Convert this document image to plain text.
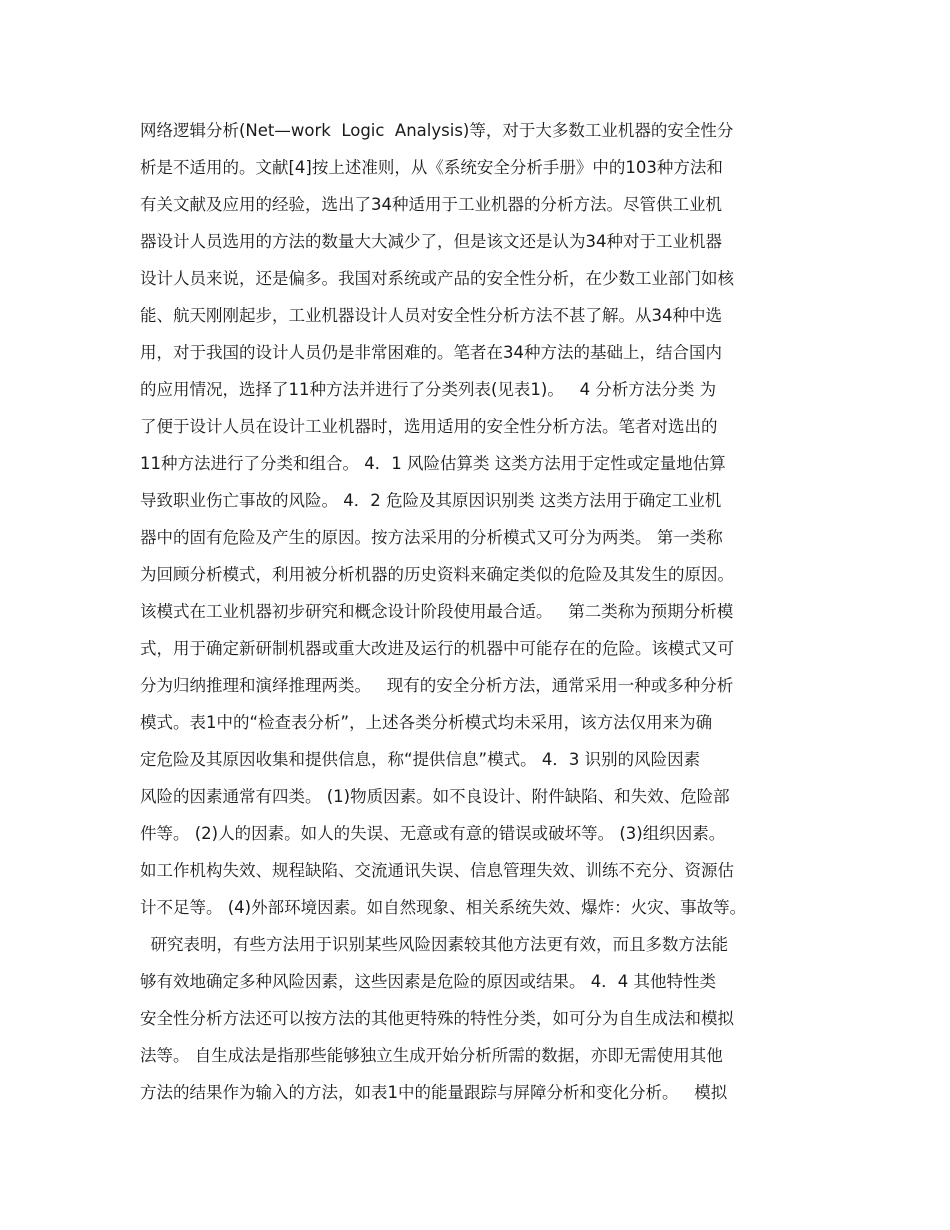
网络逻辑分析(Net—work  Logic  Analysis)等，对于大多数工业机器的安全性分
析是不适用的。文献[4]按上述准则，从《系统安全分析手册》中的103种方法和
有关文献及应用的经验，选出了34种适用于工业机器的分析方法。尽管供工业机
器设计人员选用的方法的数量大大减少了，但是该文还是认为34种对于工业机器
设计人员来说，还是偏多。我国对系统或产品的安全性分析，在少数工业部门如核
能、航天刚刚起步，工业机器设计人员对安全性分析方法不甚了解。从34种中选
用，对于我国的设计人员仍是非常困难的。笔者在34种方法的基础上，结合国内
的应用情况，选择了11种方法并进行了分类列表(见表1)。   4 分析方法分类 为
了便于设计人员在设计工业机器时，选用适用的安全性分析方法。笔者对选出的
11种方法进行了分类和组合。 4．1 风险估算类 这类方法用于定性或定量地估算
导致职业伤亡事故的风险。 4．2 危险及其原因识别类 这类方法用于确定工业机
器中的固有危险及产生的原因。按方法采用的分析模式又可分为两类。 第一类称
为回顾分析模式，利用被分析机器的历史资料来确定类似的危险及其发生的原因。
该模式在工业机器初步研究和概念设计阶段使用最合适。   第二类称为预期分析模
式，用于确定新研制机器或重大改进及运行的机器中可能存在的危险。该模式又可
分为归纳推理和演绎推理两类。   现有的安全分析方法，通常采用一种或多种分析
模式。表1中的“检查表分析”，上述各类分析模式均未采用，该方法仅用来为确
定危险及其原因收集和提供信息，称“提供信息”模式。 4．3 识别的风险因素
风险的因素通常有四类。 (1)物质因素。如不良设计、附件缺陷、和失效、危险部
件等。 (2)人的因素。如人的失误、无意或有意的错误或破坏等。 (3)组织因素。
如工作机构失效、规程缺陷、交流通讯失误、信息管理失效、训练不充分、资源估
计不足等。 (4)外部环境因素。如自然现象、相关系统失效、爆炸：火灾、事故等。
研究表明，有些方法用于识别某些风险因素较其他方法更有效，而且多数方法能
够有效地确定多种风险因素，这些因素是危险的原因或结果。 4．4 其他特性类
安全性分析方法还可以按方法的其他更特殊的特性分类，如可分为自生成法和模拟
法等。 自生成法是指那些能够独立生成开始分析所需的数据，亦即无需使用其他
方法的结果作为输入的方法，如表1中的能量跟踪与屏障分析和变化分析。   模拟
